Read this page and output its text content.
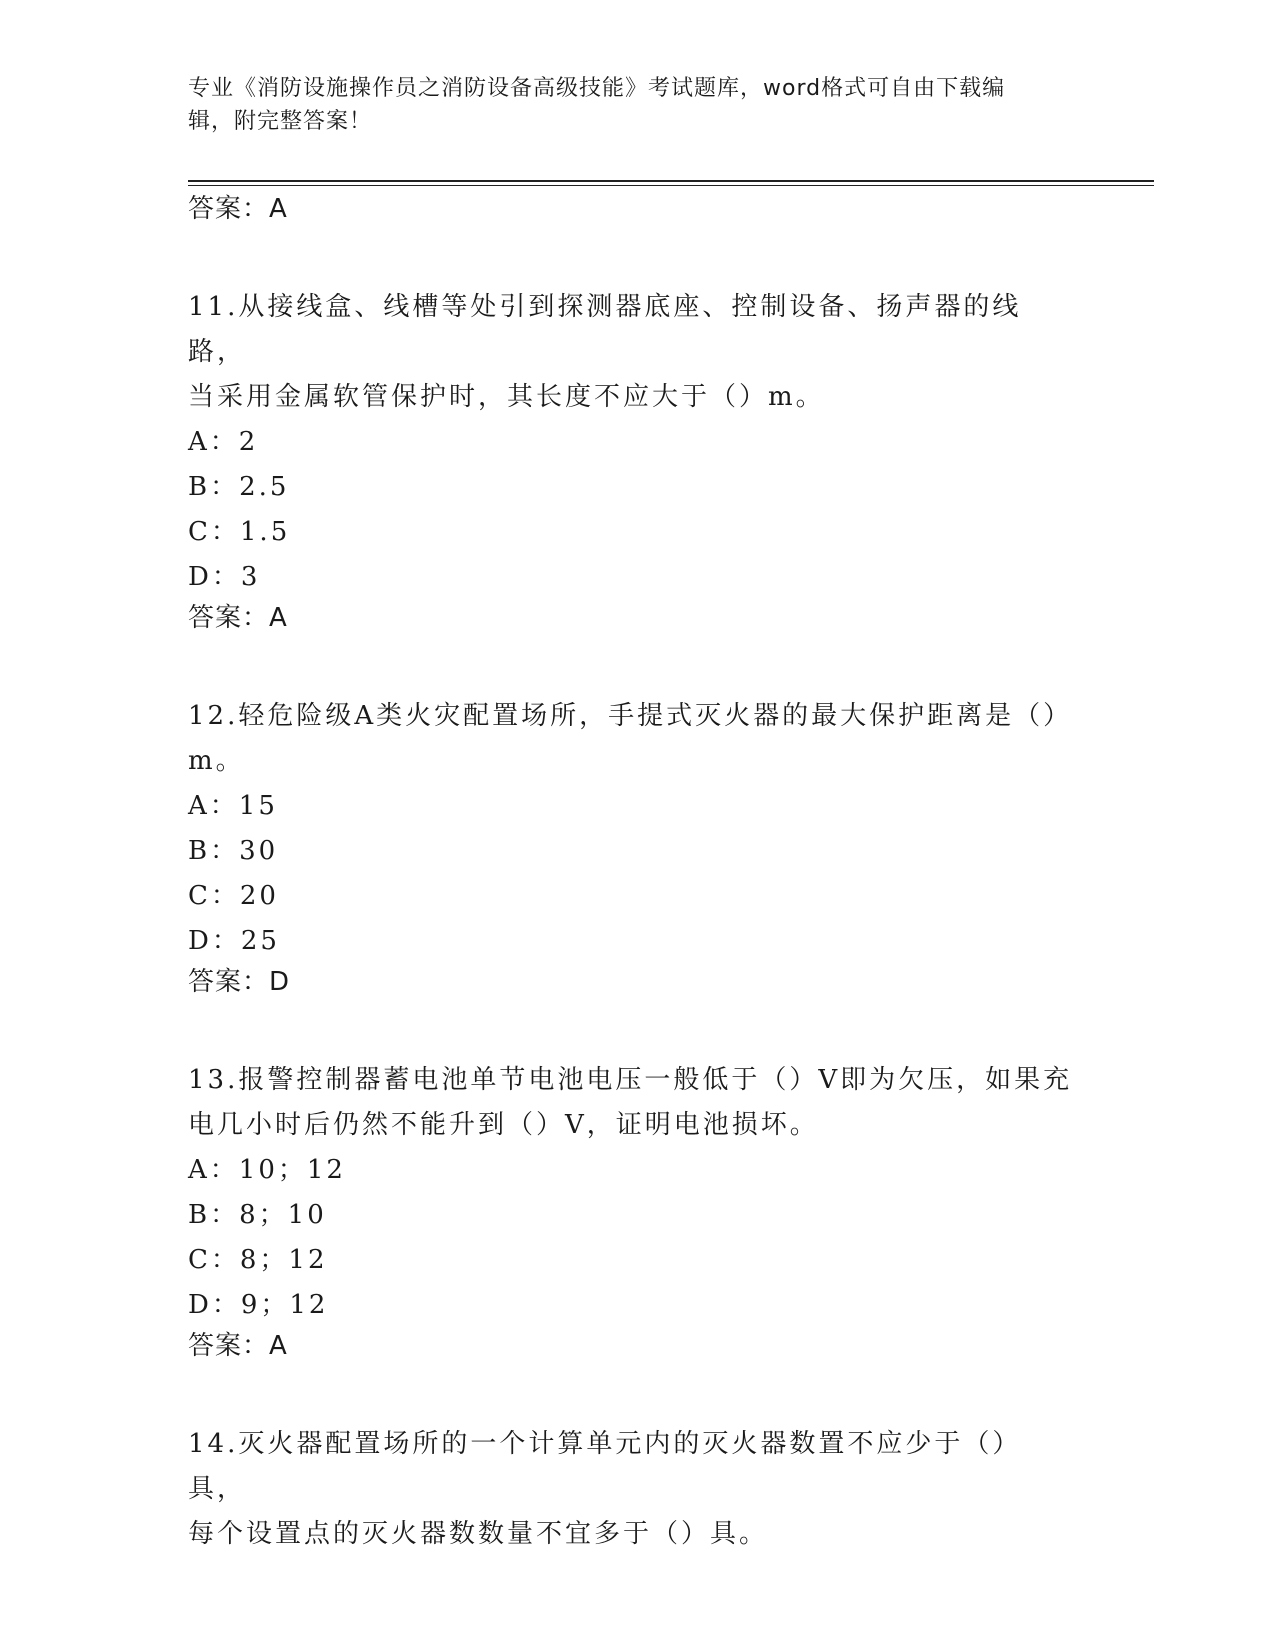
专业《消防设施操作员之消防设备高级技能》考试题库，word格式可自由下载编
辑，附完整答案！

答案：A

11.从接线盒、线槽等处引到探测器底座、控制设备、扬声器的线路，

当采用金属软管保护时，其长度不应大于（）m。

A：2

B：2.5

C：1.5

D：3

答案：A

12.轻危险级A类火灾配置场所，手提式灭火器的最大保护距离是（）

m。

A：15

B：30

C：20

D：25

答案：D

13.报警控制器蓄电池单节电池电压一般低于（）V即为欠压，如果充

电几小时后仍然不能升到（）V，证明电池损坏。

A：10；12

B：8；10

C：8；12

D：9；12

答案：A

14.灭火器配置场所的一个计算单元内的灭火器数置不应少于（）具，

每个设置点的灭火器数数量不宜多于（）具。
